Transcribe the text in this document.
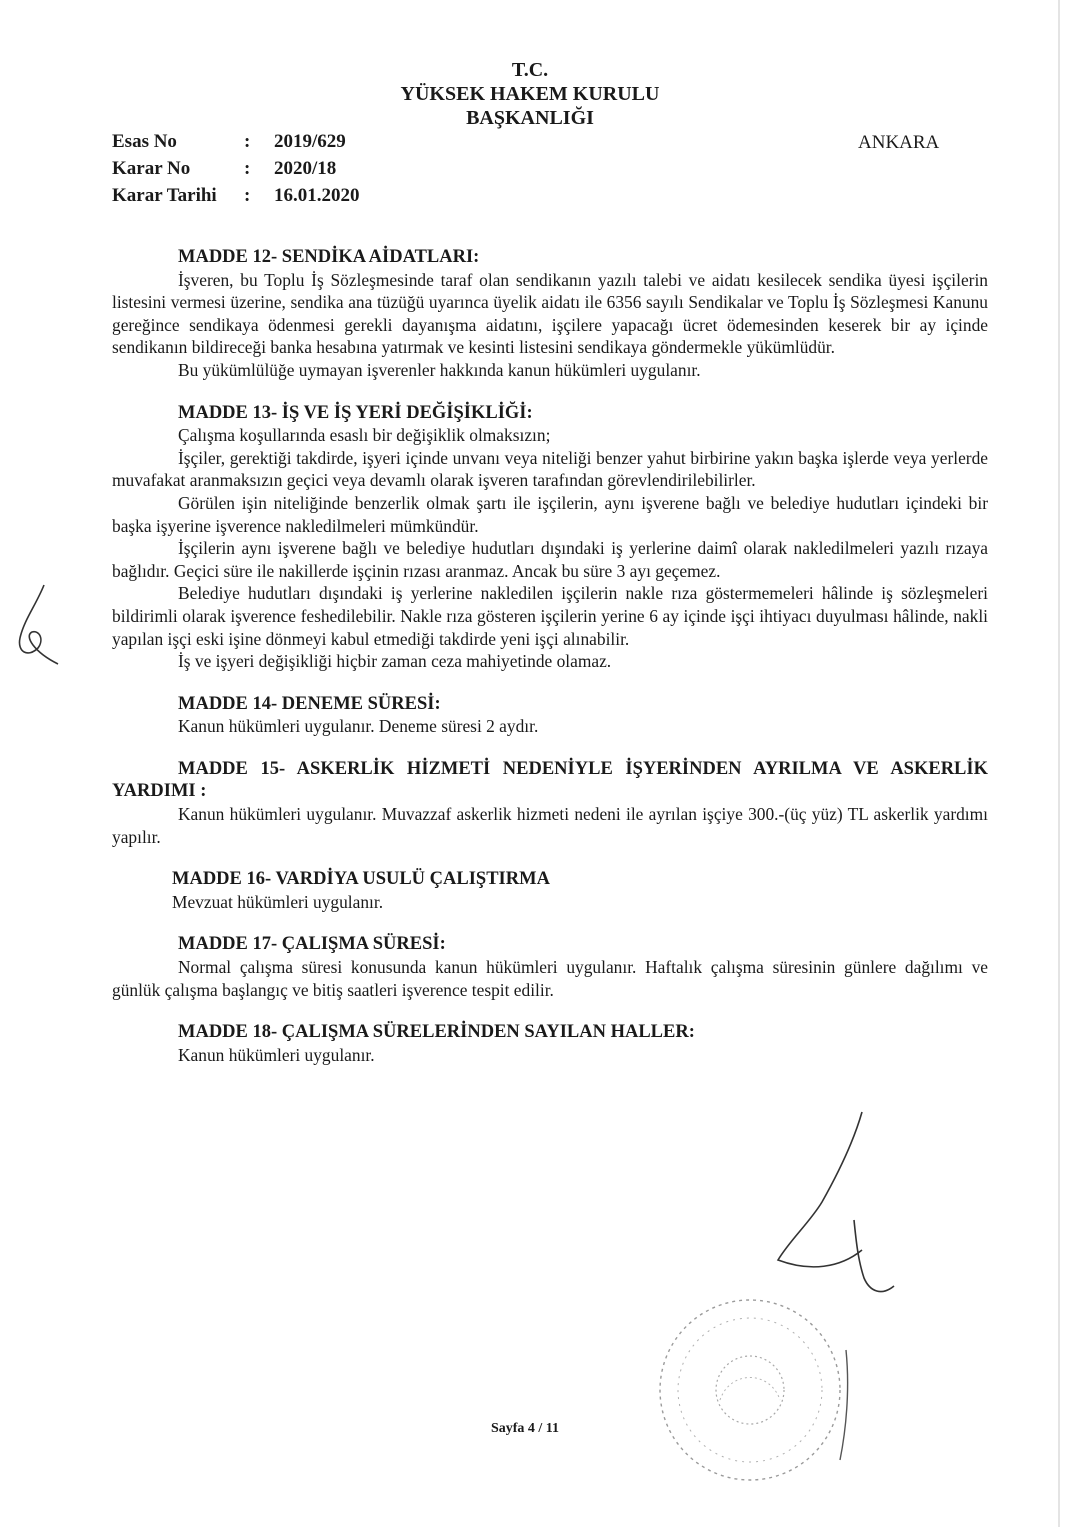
T.C.
YÜKSEK HAKEM KURULU
BAŞKANLIĞI
Esas No	:	2019/629
Karar No	:	2020/18
Karar Tarihi	:	16.01.2020
ANKARA
MADDE 12- SENDİKA AİDATLARI:
İşveren, bu Toplu İş Sözleşmesinde taraf olan sendikanın yazılı talebi ve aidatı kesilecek sendika üyesi işçilerin listesini vermesi üzerine, sendika ana tüzüğü uyarınca üyelik aidatı ile 6356 sayılı Sendikalar ve Toplu İş Sözleşmesi Kanunu gereğince sendikaya ödenmesi gerekli dayanışma aidatını, işçilere yapacağı ücret ödemesinden keserek bir ay içinde sendikanın bildireceği banka hesabına yatırmak ve kesinti listesini sendikaya göndermekle yükümlüdür.
Bu yükümlülüğe uymayan işverenler hakkında kanun hükümleri uygulanır.
MADDE 13- İŞ VE İŞ YERİ DEĞİŞİKLİĞİ:
Çalışma koşullarında esaslı bir değişiklik olmaksızın;
İşçiler, gerektiği takdirde, işyeri içinde unvanı veya niteliği benzer yahut birbirine yakın başka işlerde veya yerlerde muvafakat aranmaksızın geçici veya devamlı olarak işveren tarafından görevlendirilebilirler.
Görülen işin niteliğinde benzerlik olmak şartı ile işçilerin, aynı işverene bağlı ve belediye hudutları içindeki bir başka işyerine işverence nakledilmeleri mümkündür.
İşçilerin aynı işverene bağlı ve belediye hudutları dışındaki iş yerlerine daimî olarak nakledilmeleri yazılı rızaya bağlıdır. Geçici süre ile nakillerde işçinin rızası aranmaz. Ancak bu süre 3 ayı geçemez.
Belediye hudutları dışındaki iş yerlerine nakledilen işçilerin nakle rıza göstermemeleri hâlinde iş sözleşmeleri bildirimli olarak işverence feshedilebilir. Nakle rıza gösteren işçilerin yerine 6 ay içinde işçi ihtiyacı duyulması hâlinde, nakli yapılan işçi eski işine dönmeyi kabul etmediği takdirde yeni işçi alınabilir.
İş ve işyeri değişikliği hiçbir zaman ceza mahiyetinde olamaz.
MADDE 14- DENEME SÜRESİ:
Kanun hükümleri uygulanır. Deneme süresi 2 aydır.
MADDE 15- ASKERLİK HİZMETİ NEDENİYLE İŞYERİNDEN AYRILMA VE ASKERLİK YARDIMI :
Kanun hükümleri uygulanır. Muvazzaf askerlik hizmeti nedeni ile ayrılan işçiye 300.-(üç yüz) TL askerlik yardımı yapılır.
MADDE 16- VARDİYA USULÜ ÇALIŞTIRMA
Mevzuat hükümleri uygulanır.
MADDE 17- ÇALIŞMA SÜRESİ:
Normal çalışma süresi konusunda kanun hükümleri uygulanır. Haftalık çalışma süresinin günlere dağılımı ve günlük çalışma başlangıç ve bitiş saatleri işverence tespit edilir.
MADDE 18- ÇALIŞMA SÜRELERİNDEN SAYILAN HALLER:
Kanun hükümleri uygulanır.
Sayfa 4 / 11
